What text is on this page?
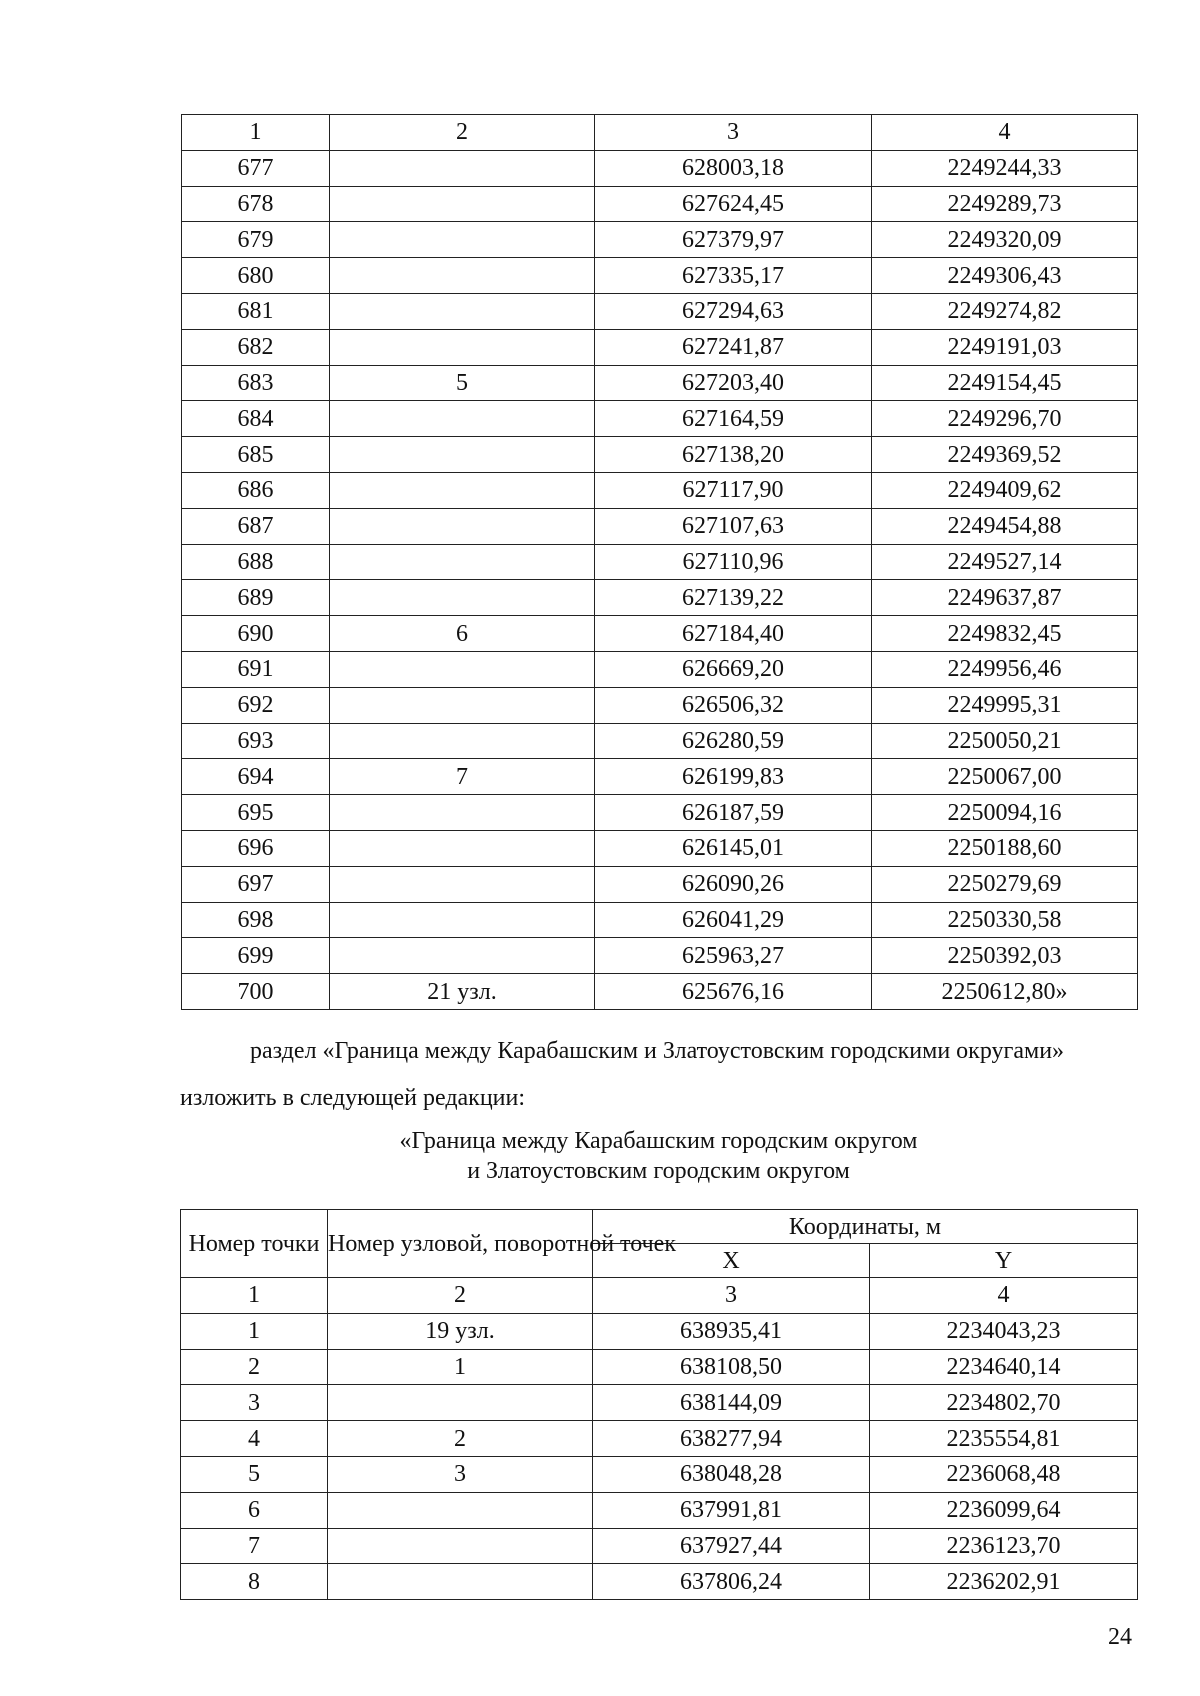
1	2	3	4
677		628003,18	2249244,33
678		627624,45	2249289,73
679		627379,97	2249320,09
680		627335,17	2249306,43
681		627294,63	2249274,82
682		627241,87	2249191,03
683	5	627203,40	2249154,45
684		627164,59	2249296,70
685		627138,20	2249369,52
686		627117,90	2249409,62
687		627107,63	2249454,88
688		627110,96	2249527,14
689		627139,22	2249637,87
690	6	627184,40	2249832,45
691		626669,20	2249956,46
692		626506,32	2249995,31
693		626280,59	2250050,21
694	7	626199,83	2250067,00
695		626187,59	2250094,16
696		626145,01	2250188,60
697		626090,26	2250279,69
698		626041,29	2250330,58
699		625963,27	2250392,03
700	21 узл.	625676,16	2250612,80»

раздел «Граница между Карабашским и Златоустовским городскими округами»

изложить в следующей редакции:

«Граница между Карабашским городским округом

и Златоустовским городским округом

Номер точки	Номер узловой, поворотной точек	Координаты, м	
		X	Y
1	2	3	4
1	19 узл.	638935,41	2234043,23
2	1	638108,50	2234640,14
3		638144,09	2234802,70
4	2	638277,94	2235554,81
5	3	638048,28	2236068,48
6		637991,81	2236099,64
7		637927,44	2236123,70
8		637806,24	2236202,91
24
